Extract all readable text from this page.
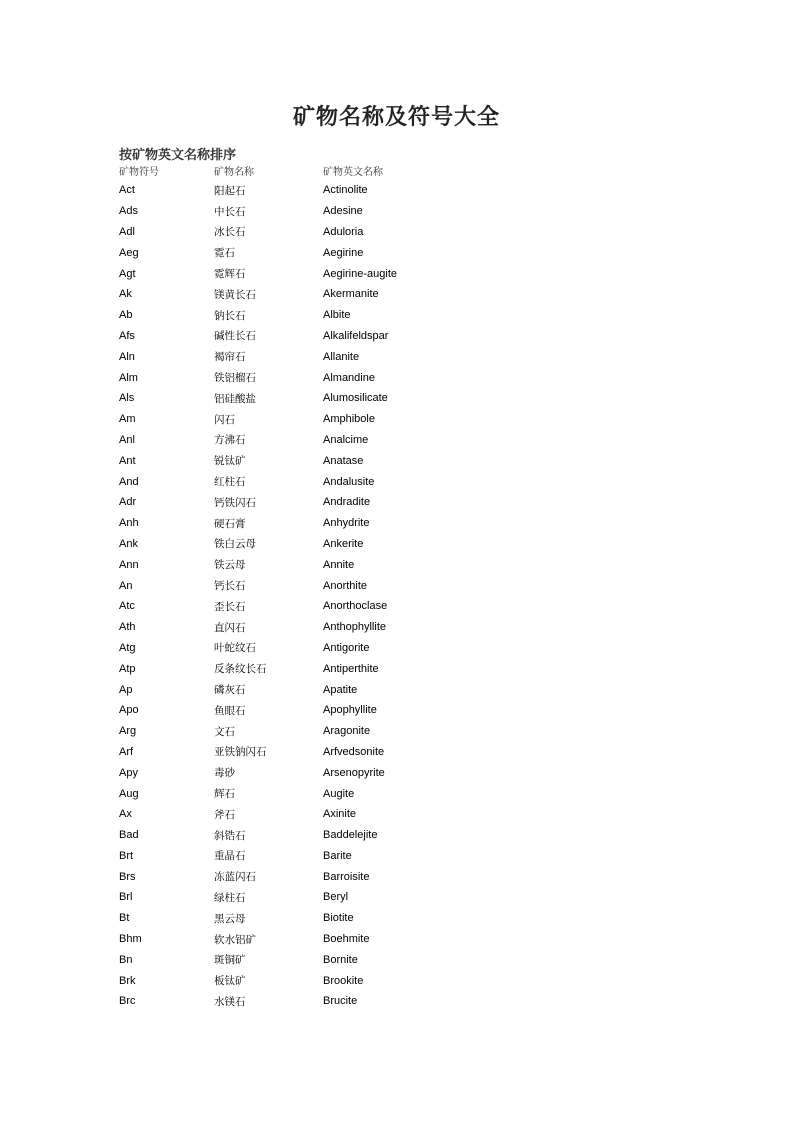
矿物名称及符号大全
按矿物英文名称排序
矿物符号	矿物名称	矿物英文名称
Act	阳起石	Actinolite
Ads	中长石	Adesine
Adl	冰长石	Aduloria
Aeg	霓石	Aegirine
Agt	霓辉石	Aegirine-augite
Ak	镁黄长石	Akermanite
Ab	钠长石	Albite
Afs	碱性长石	Alkalifeldspar
Aln	褐帘石	Allanite
Alm	铁铝榴石	Almandine
Als	铝硅酸盐	Alumosilicate
Am	闪石	Amphibole
Anl	方沸石	Analcime
Ant	锐钛矿	Anatase
And	红柱石	Andalusite
Adr	钙铁闪石	Andradite
Anh	硬石膏	Anhydrite
Ank	铁白云母	Ankerite
Ann	铁云母	Annite
An	钙长石	Anorthite
Atc	歪长石	Anorthoclase
Ath	直闪石	Anthophyllite
Atg	叶蛇纹石	Antigorite
Atp	反条纹长石	Antiperthite
Ap	磷灰石	Apatite
Apo	鱼眼石	Apophyllite
Arg	文石	Aragonite
Arf	亚铁钠闪石	Arfvedsonite
Apy	毒砂	Arsenopyrite
Aug	辉石	Augite
Ax	斧石	Axinite
Bad	斜锆石	Baddelejite
Brt	重晶石	Barite
Brs	冻蓝闪石	Barroisite
Brl	绿柱石	Beryl
Bt	黑云母	Biotite
Bhm	软水铝矿	Boehmite
Bn	斑铜矿	Bornite
Brk	板钛矿	Brookite
Brc	水镁石	Brucite
